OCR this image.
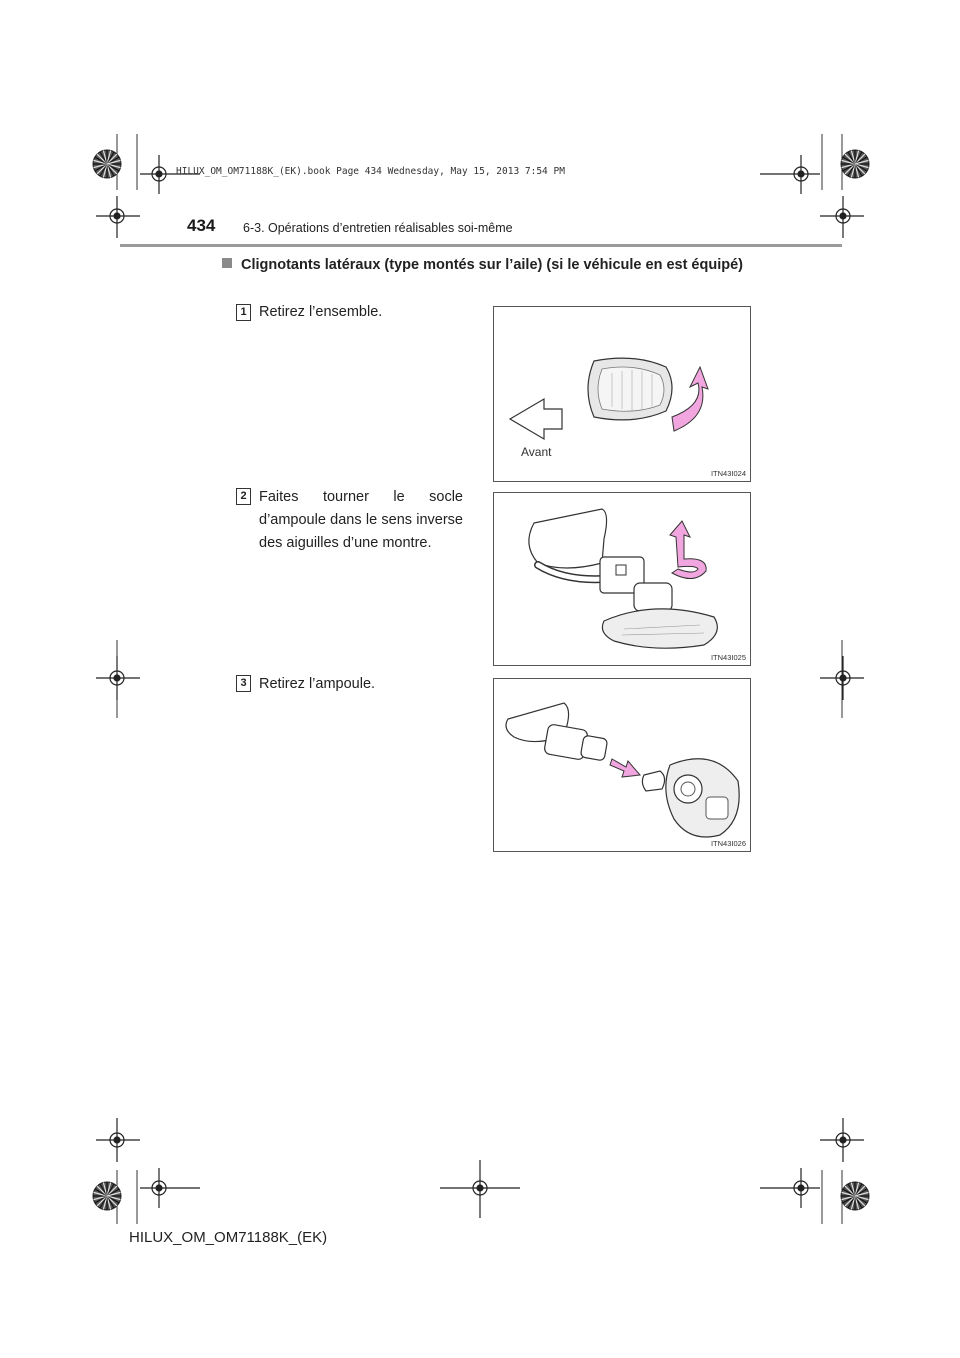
HILUX_OM_OM71188K_(EK).book Page 434 Wednesday, May 15, 2013 7:54 PM
434 6-3. Opérations d’entretien réalisables soi-même
Clignotants latéraux (type montés sur l’aile) (si le véhicule en est équipé)
1 Retirez l’ensemble.
2 Faites tourner le socle d’ampoule dans le sens inverse des aiguilles d’une montre.
3 Retirez l’ampoule.
Avant
ITN43I024
ITN43I025
ITN43I026
HILUX_OM_OM71188K_(EK)
